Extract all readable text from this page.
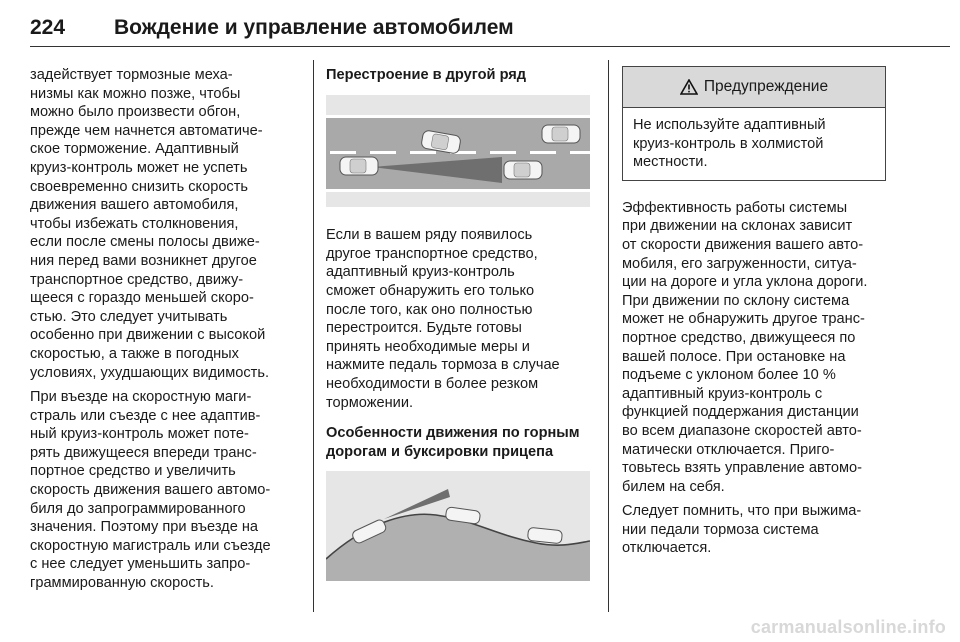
224	Вождение и управление автомобилем

задействует тормозные меха-
низмы как можно позже, чтобы
можно было произвести обгон,
прежде чем начнется автоматиче-
ское торможение. Адаптивный
круиз-контроль может не успеть
своевременно снизить скорость
движения вашего автомобиля,
чтобы избежать столкновения,
если после смены полосы движе-
ния перед вами возникнет другое
транспортное средство, движу-
щееся с гораздо меньшей скоро-
стью. Это следует учитывать
особенно при движении с высокой
скоростью, а также в погодных
условиях, ухудшающих видимость.

При въезде на скоростную маги-
страль или съезде с нее адаптив-
ный круиз-контроль может поте-
рять движущееся впереди транс-
портное средство и увеличить
скорость движения вашего автомо-
биля до запрограммированного
значения. Поэтому при въезде на
скоростную магистраль или съезде
с нее следует уменьшить запро-
граммированную скорость.

Перестроение в другой ряд

Если в вашем ряду появилось
другое транспортное средство,
адаптивный круиз-контроль
сможет обнаружить его только
после того, как оно полностью
перестроится. Будьте готовы
принять необходимые меры и
нажмите педаль тормоза в случае
необходимости в более резком
торможении.

Особенности движения по горным
дорогам и буксировки прицепа
Предупреждение
Не используйте адаптивный
круиз-контроль в холмистой
местности.

Эффективность работы системы
при движении на склонах зависит
от скорости движения вашего авто-
мобиля, его загруженности, ситуа-
ции на дороге и угла уклона дороги.
При движении по склону система
может не обнаружить другое транс-
портное средство, движущееся по
вашей полосе. При остановке на
подъеме с уклоном более 10 %
адаптивный круиз-контроль с
функцией поддержания дистанции
во всем диапазоне скоростей авто-
матически отключается. Приго-
товьтесь взять управление автомо-
билем на себя.

Следует помнить, что при выжима-
нии педали тормоза система
отключается.

carmanualsonline.info
